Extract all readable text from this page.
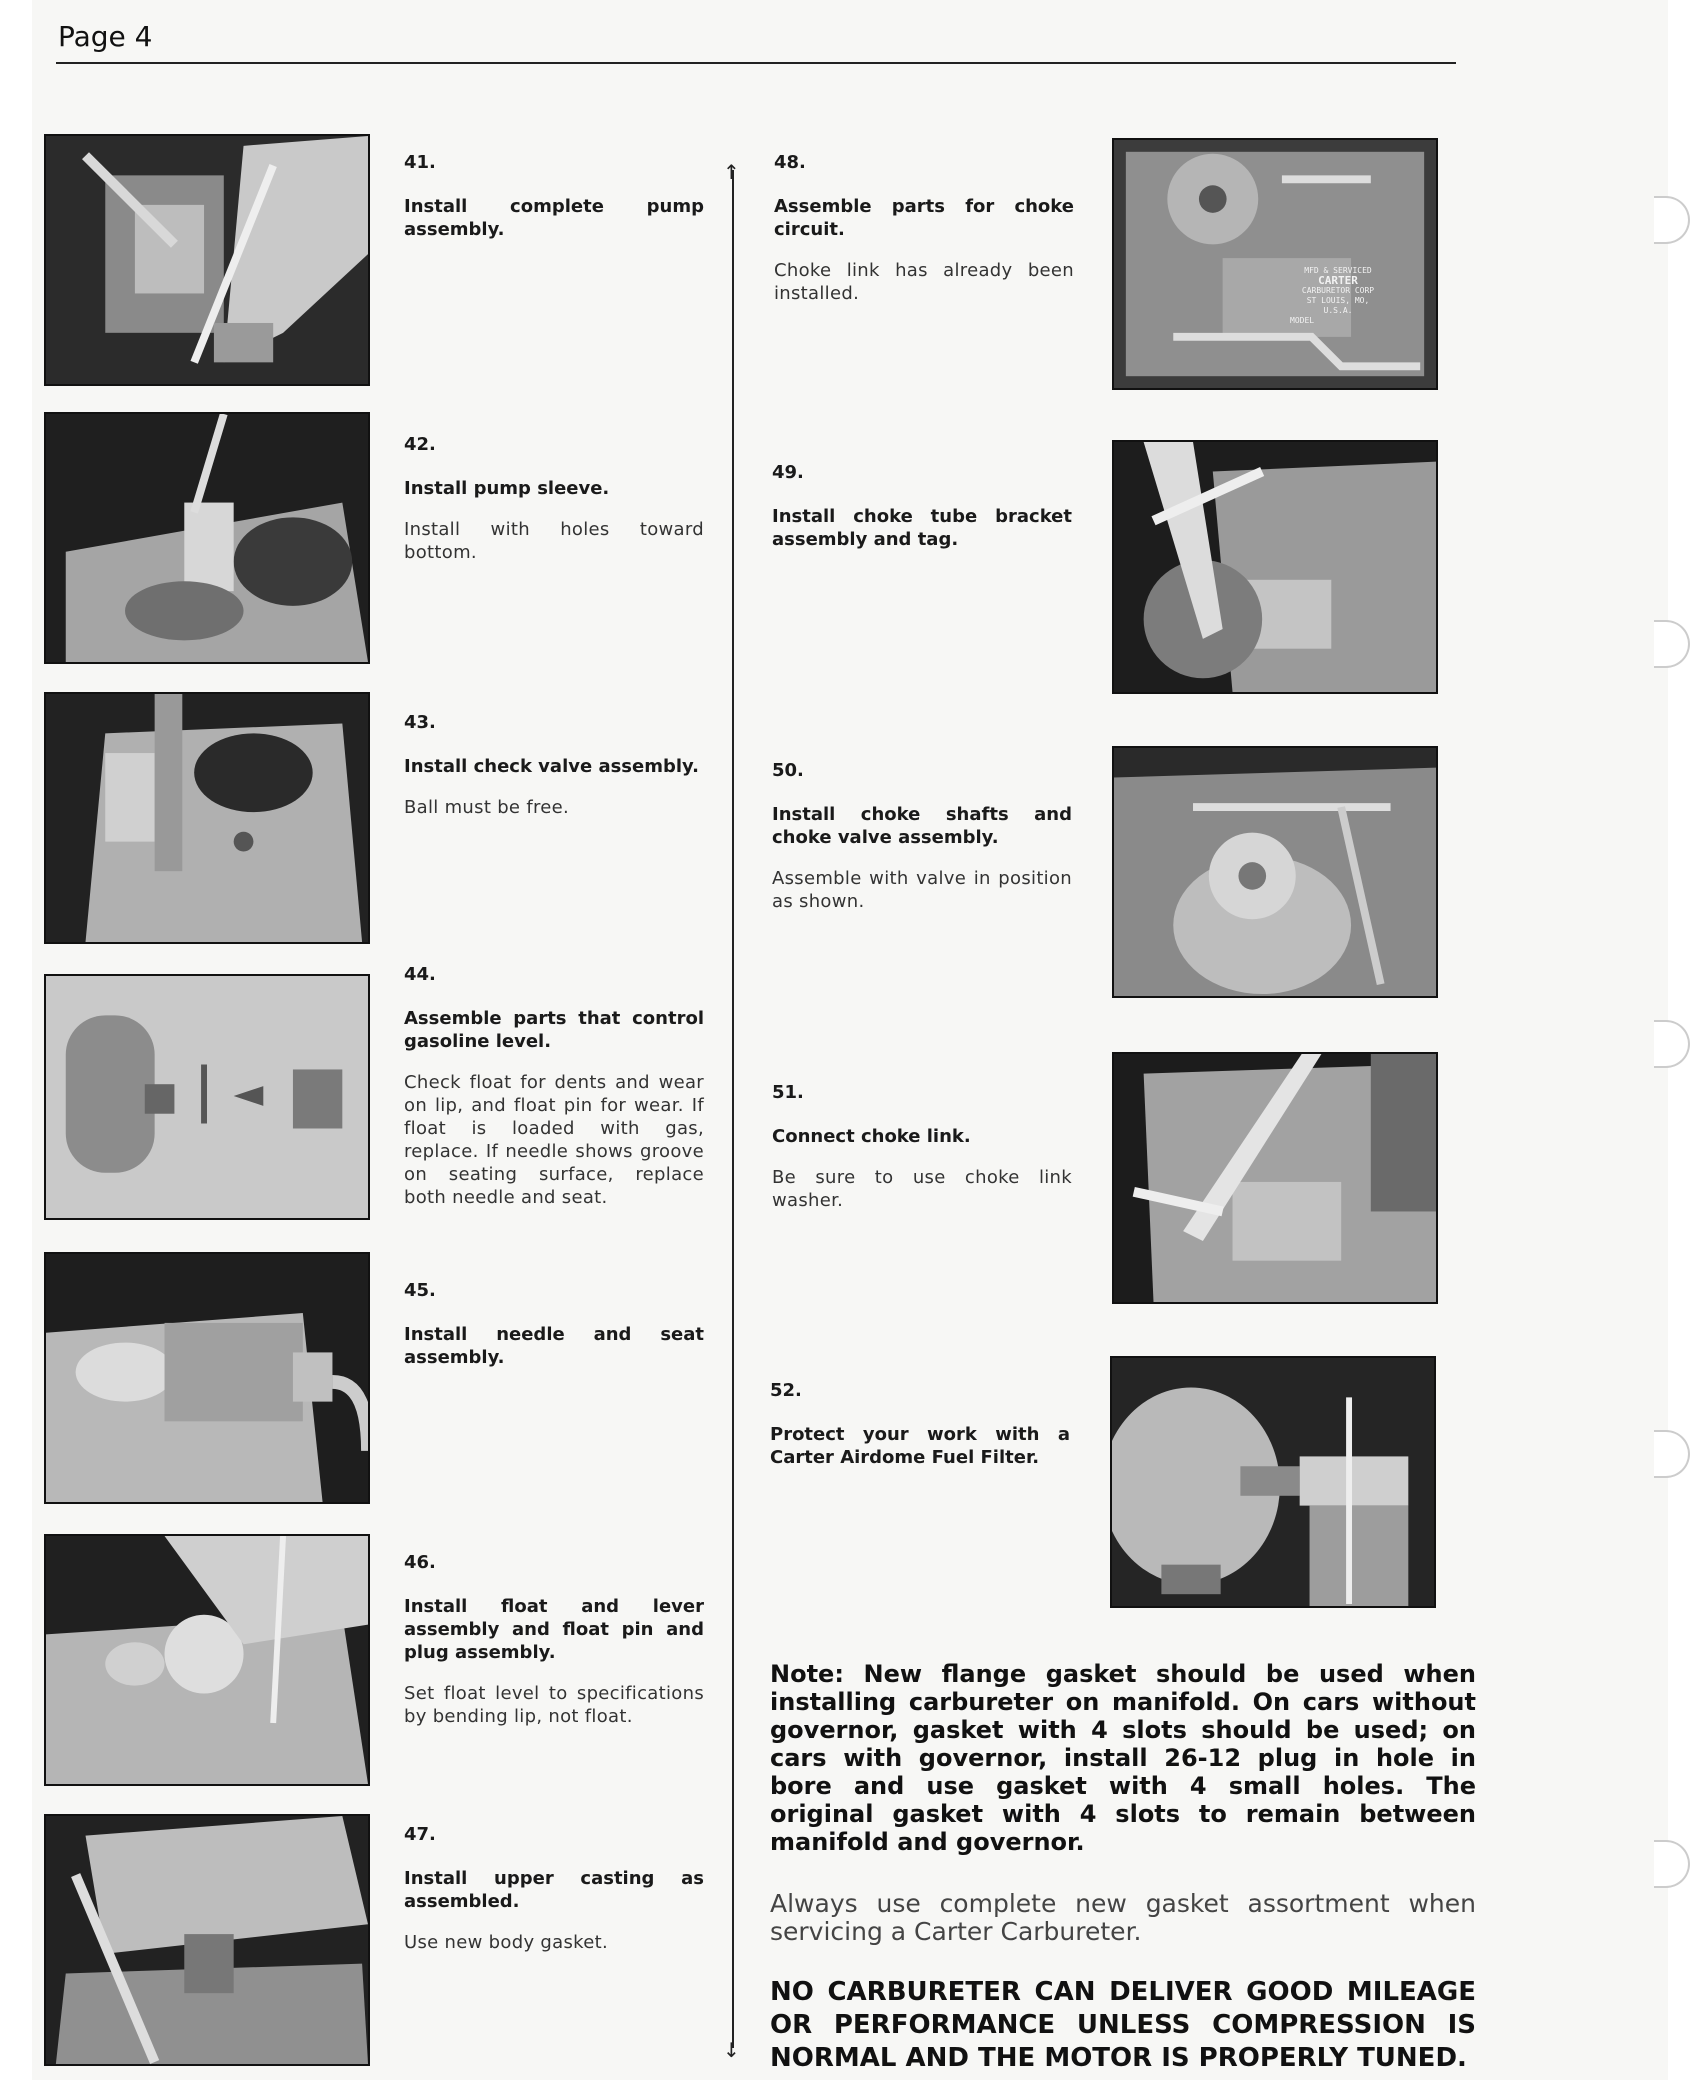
Page 4
↑
↓
MFD & SERVICED
CARTER
CARBURETOR CORP
ST LOUIS, MO, U.S.A.
MODEL
41.
Install complete pump assembly.
42.
Install pump sleeve.
Install with holes toward bottom.
43.
Install check valve assembly.
Ball must be free.
44.
Assemble parts that control gasoline level.
Check float for dents and wear on lip, and float pin for wear. If float is loaded with gas, replace. If needle shows groove on seating surface, replace both needle and seat.
45.
Install needle and seat assembly.
46.
Install float and lever assembly and float pin and plug assembly.
Set float level to specifications by bending lip, not float.
47.
Install upper casting as assembled.
Use new body gasket.
48.
Assemble parts for choke circuit.
Choke link has already been installed.
49.
Install choke tube bracket assembly and tag.
50.
Install choke shafts and choke valve assembly.
Assemble with valve in position as shown.
51.
Connect choke link.
Be sure to use choke link washer.
52.
Protect your work with a Carter Airdome Fuel Filter.
Note: New flange gasket should be used when installing carbureter on manifold. On cars without governor, gasket with 4 slots should be used; on cars with governor, install 26-12 plug in hole in bore and use gasket with 4 small holes. The original gasket with 4 slots to remain between manifold and governor.
Always use complete new gasket assortment when servicing a Carter Carbureter.
NO CARBURETER CAN DELIVER GOOD MILEAGE OR PERFORMANCE UNLESS COMPRESSION IS NORMAL AND THE MOTOR IS PROPERLY TUNED.
